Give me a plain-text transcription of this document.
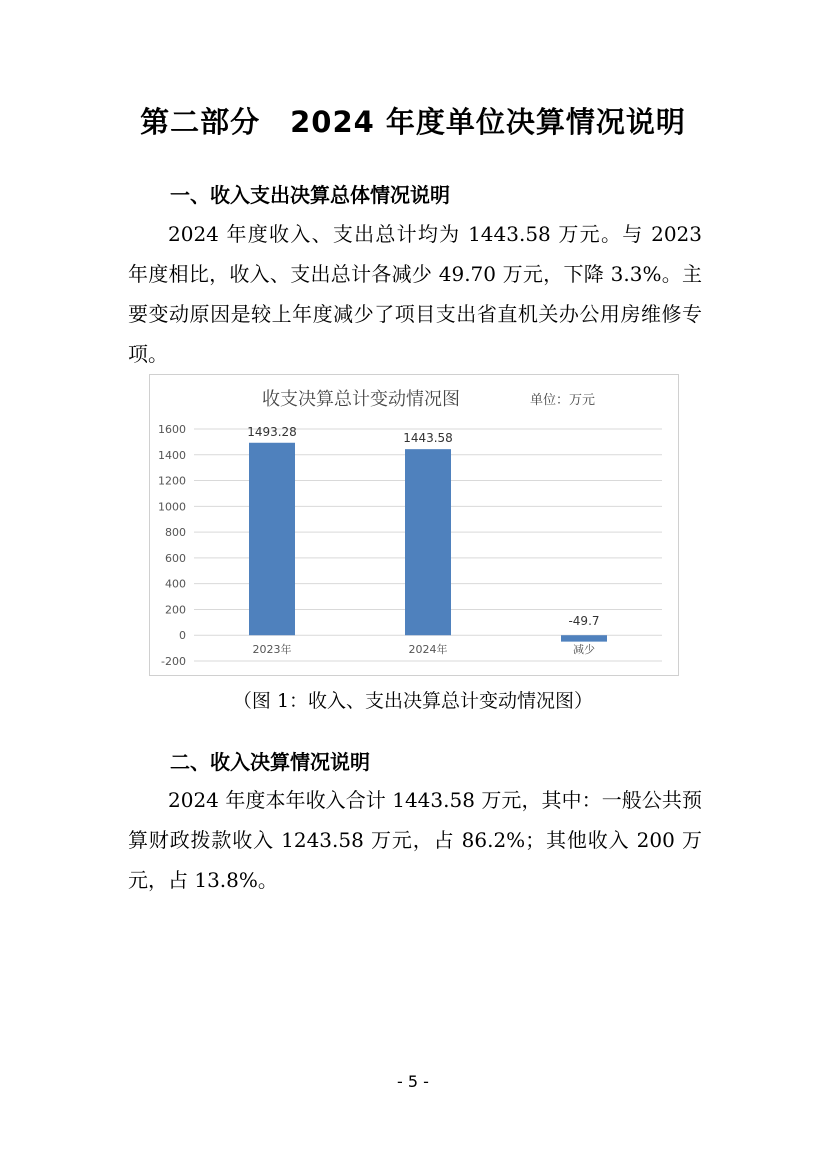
第二部分　2024 年度单位决算情况说明
一、收入支出决算总体情况说明

2024 年度收入、支出总计均为 1443.58 万元。与 2023 年度相比，收入、支出总计各减少 49.70 万元，下降 3.3%。主要变动原因是较上年度减少了项目支出省直机关办公用房维修专项。

收支决算总计变动情况图	单位：万元
1600
1400
1200
1000
800
600
400
200
0
-200
1493.28
2023年
1443.58
2024年
-49.7
减少
（图 1：收入、支出决算总计变动情况图）
二、收入决算情况说明

2024 年度本年收入合计 1443.58 万元，其中：一般公共预算财政拨款收入 1243.58 万元，占 86.2%；其他收入 200 万元，占 13.8%。

- 5 -
